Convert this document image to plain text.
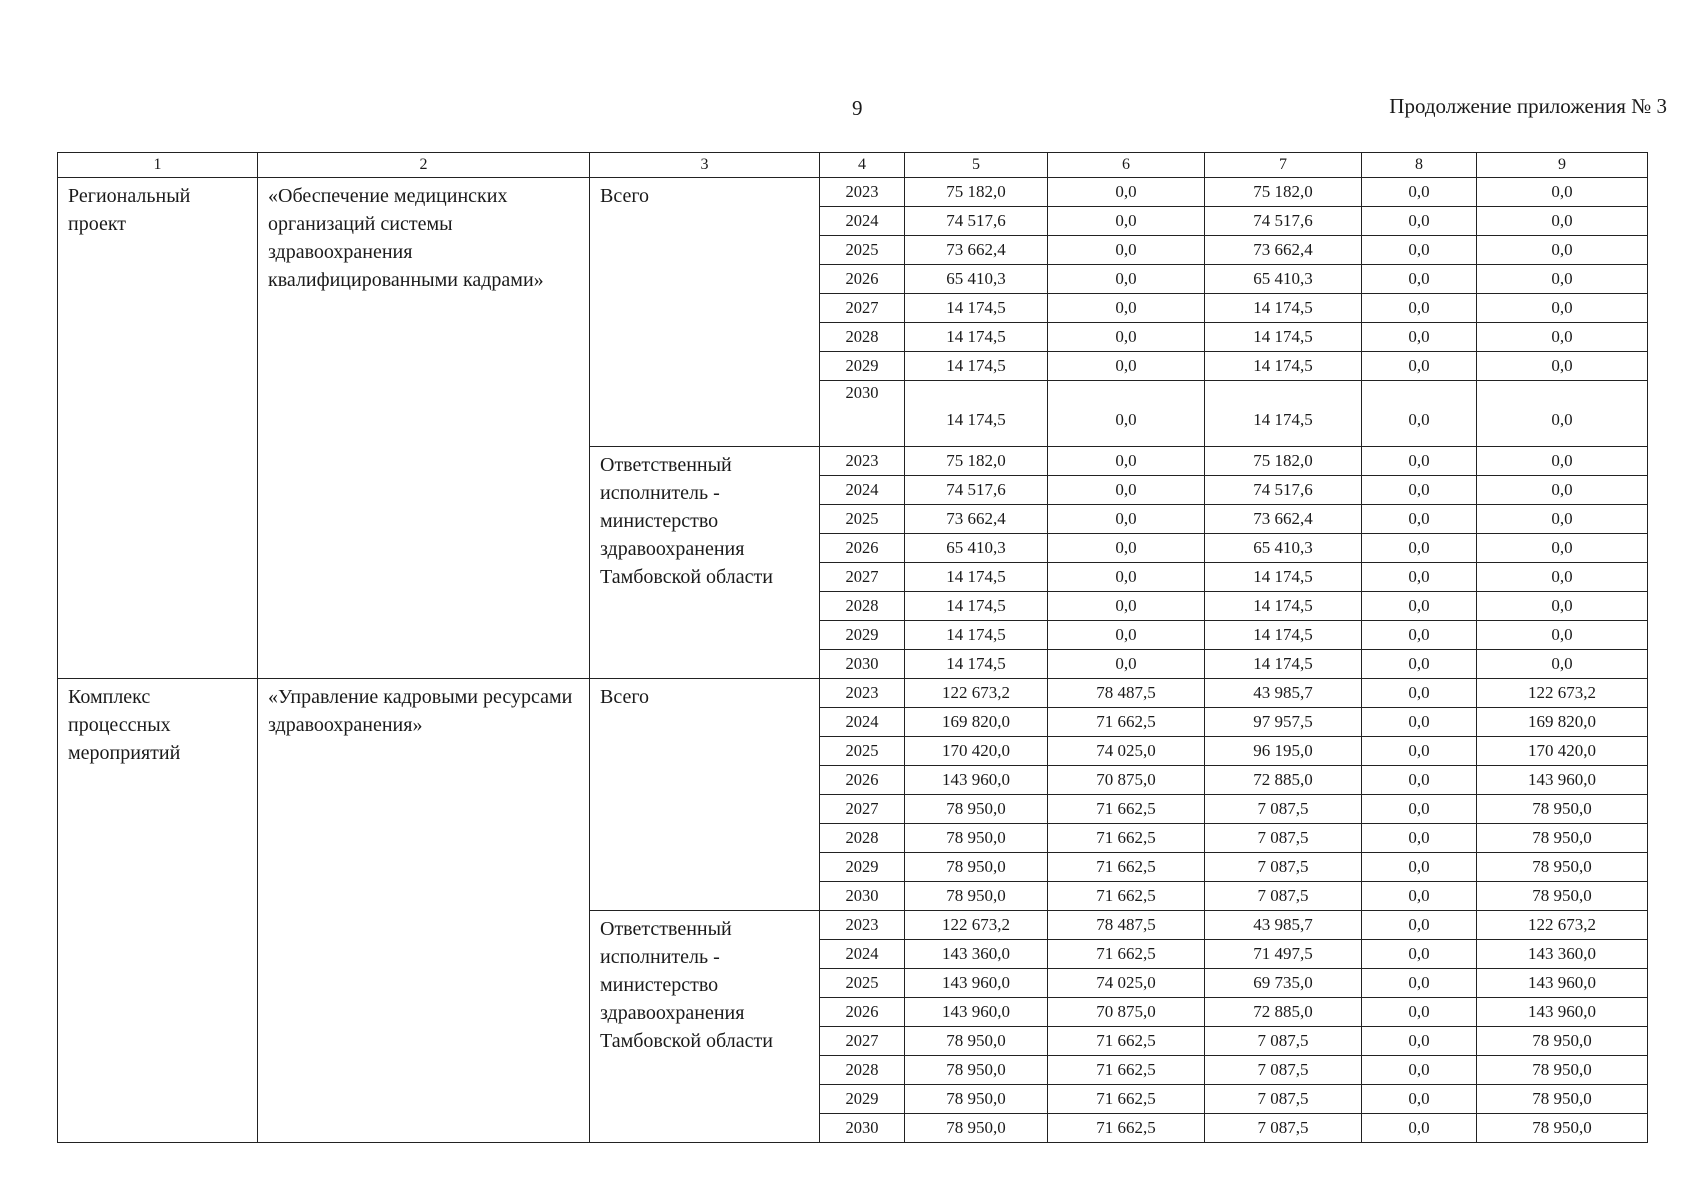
9	Продолжение приложения № 3
1	2	3	4	5	6	7	8	9
Региональный проект	«Обеспечение медицинских организаций системы здравоохранения квалифицированными кадрами»	Всего	2023	75 182,0	0,0	75 182,0	0,0	0,0
			2024	74 517,6	0,0	74 517,6	0,0	0,0
			2025	73 662,4	0,0	73 662,4	0,0	0,0
			2026	65 410,3	0,0	65 410,3	0,0	0,0
			2027	14 174,5	0,0	14 174,5	0,0	0,0
			2028	14 174,5	0,0	14 174,5	0,0	0,0
			2029	14 174,5	0,0	14 174,5	0,0	0,0
			2030	14 174,5	0,0	14 174,5	0,0	0,0
		Ответственный исполнитель - министерство здравоохранения Тамбовской области	2023	75 182,0	0,0	75 182,0	0,0	0,0
			2024	74 517,6	0,0	74 517,6	0,0	0,0
			2025	73 662,4	0,0	73 662,4	0,0	0,0
			2026	65 410,3	0,0	65 410,3	0,0	0,0
			2027	14 174,5	0,0	14 174,5	0,0	0,0
			2028	14 174,5	0,0	14 174,5	0,0	0,0
			2029	14 174,5	0,0	14 174,5	0,0	0,0
			2030	14 174,5	0,0	14 174,5	0,0	0,0
Комплекс процессных мероприятий	«Управление кадровыми ресурсами здравоохранения»	Всего	2023	122 673,2	78 487,5	43 985,7	0,0	122 673,2
			2024	169 820,0	71 662,5	97 957,5	0,0	169 820,0
			2025	170 420,0	74 025,0	96 195,0	0,0	170 420,0
			2026	143 960,0	70 875,0	72 885,0	0,0	143 960,0
			2027	78 950,0	71 662,5	7 087,5	0,0	78 950,0
			2028	78 950,0	71 662,5	7 087,5	0,0	78 950,0
			2029	78 950,0	71 662,5	7 087,5	0,0	78 950,0
			2030	78 950,0	71 662,5	7 087,5	0,0	78 950,0
		Ответственный исполнитель - министерство здравоохранения Тамбовской области	2023	122 673,2	78 487,5	43 985,7	0,0	122 673,2
			2024	143 360,0	71 662,5	71 497,5	0,0	143 360,0
			2025	143 960,0	74 025,0	69 735,0	0,0	143 960,0
			2026	143 960,0	70 875,0	72 885,0	0,0	143 960,0
			2027	78 950,0	71 662,5	7 087,5	0,0	78 950,0
			2028	78 950,0	71 662,5	7 087,5	0,0	78 950,0
			2029	78 950,0	71 662,5	7 087,5	0,0	78 950,0
			2030	78 950,0	71 662,5	7 087,5	0,0	78 950,0
